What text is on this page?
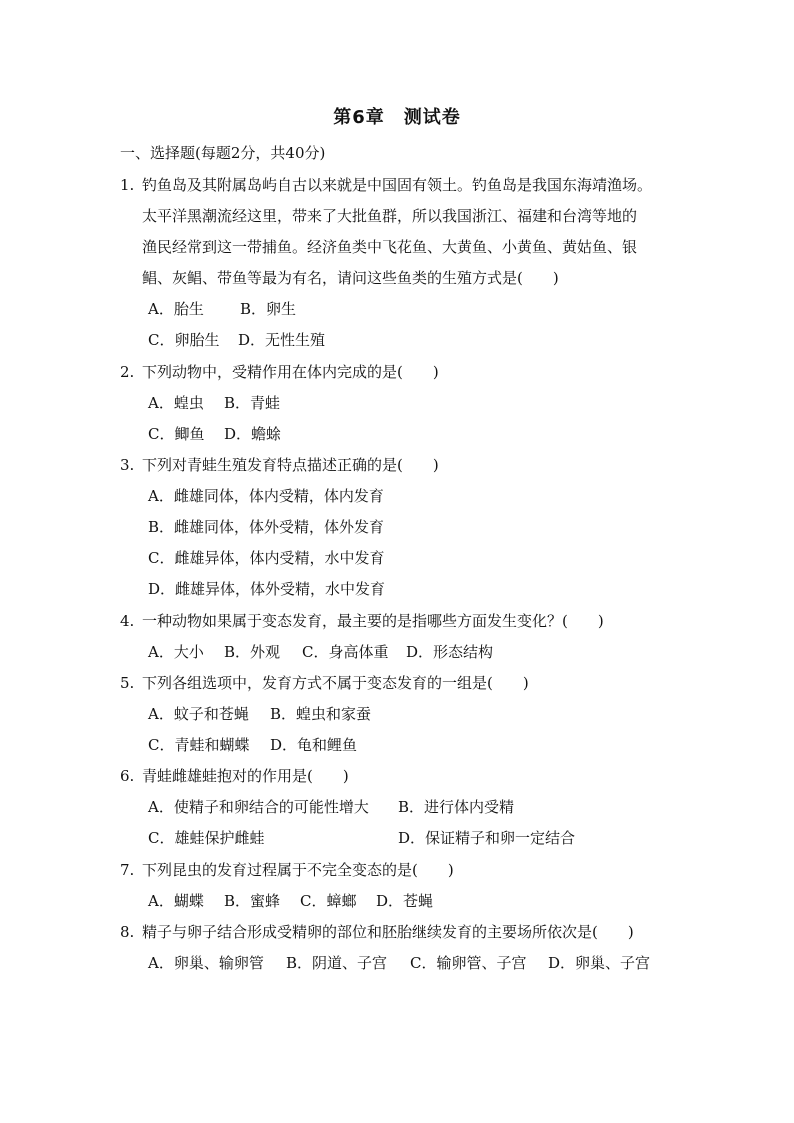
第6章　测试卷
一、选择题(每题2分，共40分)
1. 钓鱼岛及其附属岛屿自古以来就是中国固有领土。钓鱼岛是我国东海靖渔场。
太平洋黑潮流经这里，带来了大批鱼群，所以我国浙江、福建和台湾等地的
渔民经常到这一带捕鱼。经济鱼类中飞花鱼、大黄鱼、小黄鱼、黄姑鱼、银
鲳、灰鲳、带鱼等最为有名，请问这些鱼类的生殖方式是(　　)
A．胎生 B．卵生
C．卵胎生 D．无性生殖
2. 下列动物中，受精作用在体内完成的是(　　)
A．蝗虫 B．青蛙
C．鲫鱼 D．蟾蜍
3. 下列对青蛙生殖发育特点描述正确的是(　　)
A．雌雄同体，体内受精，体内发育
B．雌雄同体，体外受精，体外发育
C．雌雄异体，体内受精，水中发育
D．雌雄异体，体外受精，水中发育
4. 一种动物如果属于变态发育，最主要的是指哪些方面发生变化？(　　)
A．大小 B．外观 C．身高体重 D．形态结构
5. 下列各组选项中，发育方式不属于变态发育的一组是(　　)
A．蚊子和苍蝇 B．蝗虫和家蚕
C．青蛙和蝴蝶 D．龟和鲤鱼
6. 青蛙雌雄蛙抱对的作用是(　　)
A．使精子和卵结合的可能性增大 B．进行体内受精
C．雄蛙保护雌蛙	D．保证精子和卵一定结合
7. 下列昆虫的发育过程属于不完全变态的是(　　)
A．蝴蝶 B．蜜蜂 C．蟑螂 D．苍蝇
8. 精子与卵子结合形成受精卵的部位和胚胎继续发育的主要场所依次是(　　)
A．卵巢、输卵管 B．阴道、子宫 C．输卵管、子宫 D．卵巢、子宫
